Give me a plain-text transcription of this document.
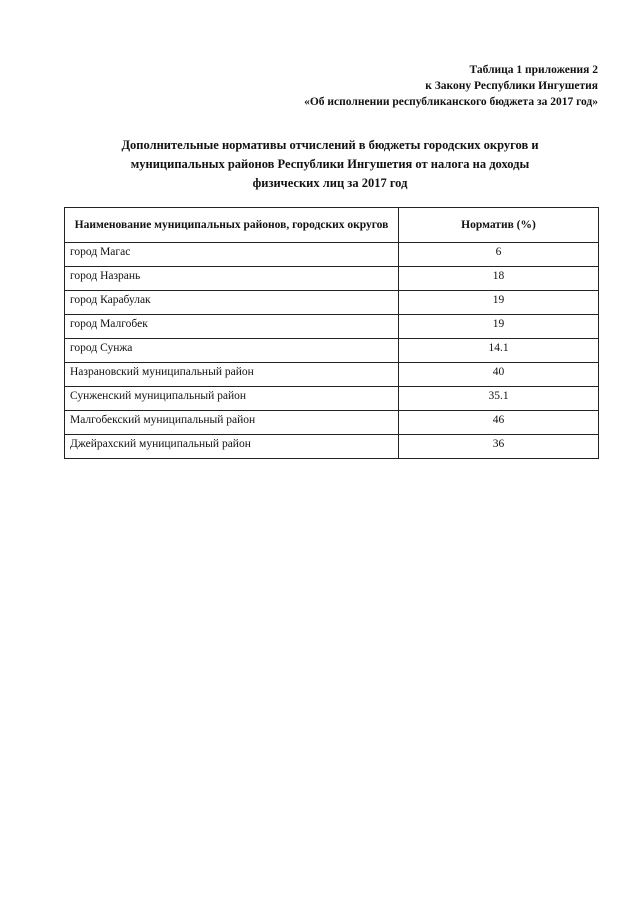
Таблица 1 приложения 2
к Закону Республики Ингушетия
«Об исполнении республиканского бюджета за 2017 год»
Дополнительные нормативы отчислений в бюджеты городских округов и
муниципальных районов Республики Ингушетия от налога на доходы
физических лиц за 2017 год
Наименование муниципальных районов, городских округов	Норматив (%)
город Магас	6
город Назрань	18
город Карабулак	19
город Малгобек	19
город Сунжа	14.1
Назрановский муниципальный район	40
Сунженский муниципальный район	35.1
Малгобекский муниципальный район	46
Джейрахский муниципальный район	36
